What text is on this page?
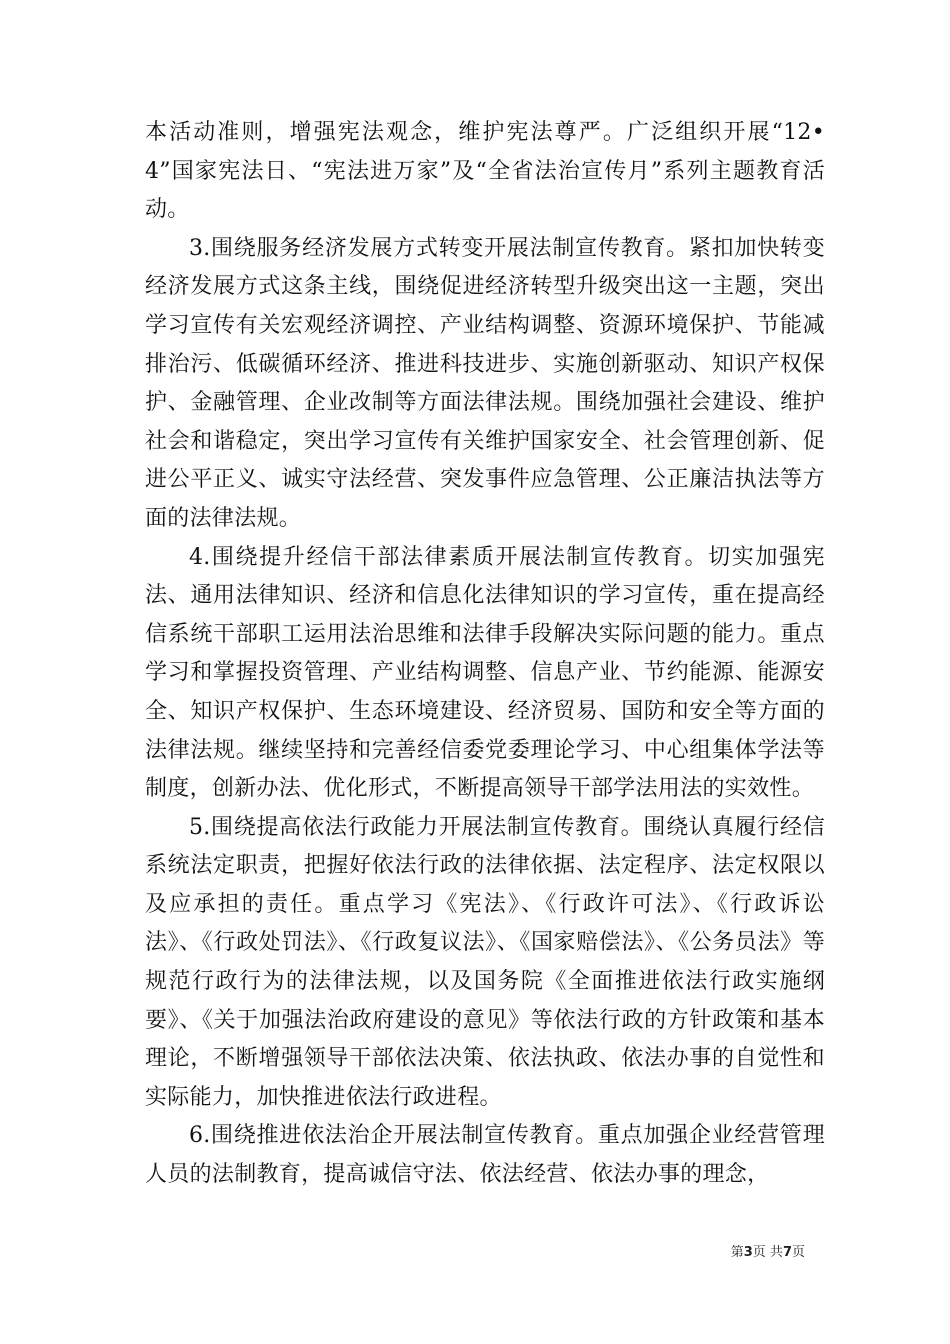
本活动准则，增强宪法观念，维护宪法尊严。广泛组织开展“12•4”国家宪法日、“宪法进万家”及“全省法治宣传月”系列主题教育活动。

3.围绕服务经济发展方式转变开展法制宣传教育。紧扣加快转变经济发展方式这条主线，围绕促进经济转型升级突出这一主题，突出学习宣传有关宏观经济调控、产业结构调整、资源环境保护、节能减排治污、低碳循环经济、推进科技进步、实施创新驱动、知识产权保护、金融管理、企业改制等方面法律法规。围绕加强社会建设、维护社会和谐稳定，突出学习宣传有关维护国家安全、社会管理创新、促进公平正义、诚实守法经营、突发事件应急管理、公正廉洁执法等方面的法律法规。

4.围绕提升经信干部法律素质开展法制宣传教育。切实加强宪法、通用法律知识、经济和信息化法律知识的学习宣传，重在提高经信系统干部职工运用法治思维和法律手段解决实际问题的能力。重点学习和掌握投资管理、产业结构调整、信息产业、节约能源、能源安全、知识产权保护、生态环境建设、经济贸易、国防和安全等方面的法律法规。继续坚持和完善经信委党委理论学习、中心组集体学法等制度，创新办法、优化形式，不断提高领导干部学法用法的实效性。

5.围绕提高依法行政能力开展法制宣传教育。围绕认真履行经信系统法定职责，把握好依法行政的法律依据、法定程序、法定权限以及应承担的责任。重点学习《宪法》、《行政许可法》、《行政诉讼法》、《行政处罚法》、《行政复议法》、《国家赔偿法》、《公务员法》等规范行政行为的法律法规，以及国务院《全面推进依法行政实施纲要》、《关于加强法治政府建设的意见》等依法行政的方针政策和基本理论，不断增强领导干部依法决策、依法执政、依法办事的自觉性和实际能力，加快推进依法行政进程。

6.围绕推进依法治企开展法制宣传教育。重点加强企业经营管理人员的法制教育，提高诚信守法、依法经营、依法办事的理念，

第3页 共7页
